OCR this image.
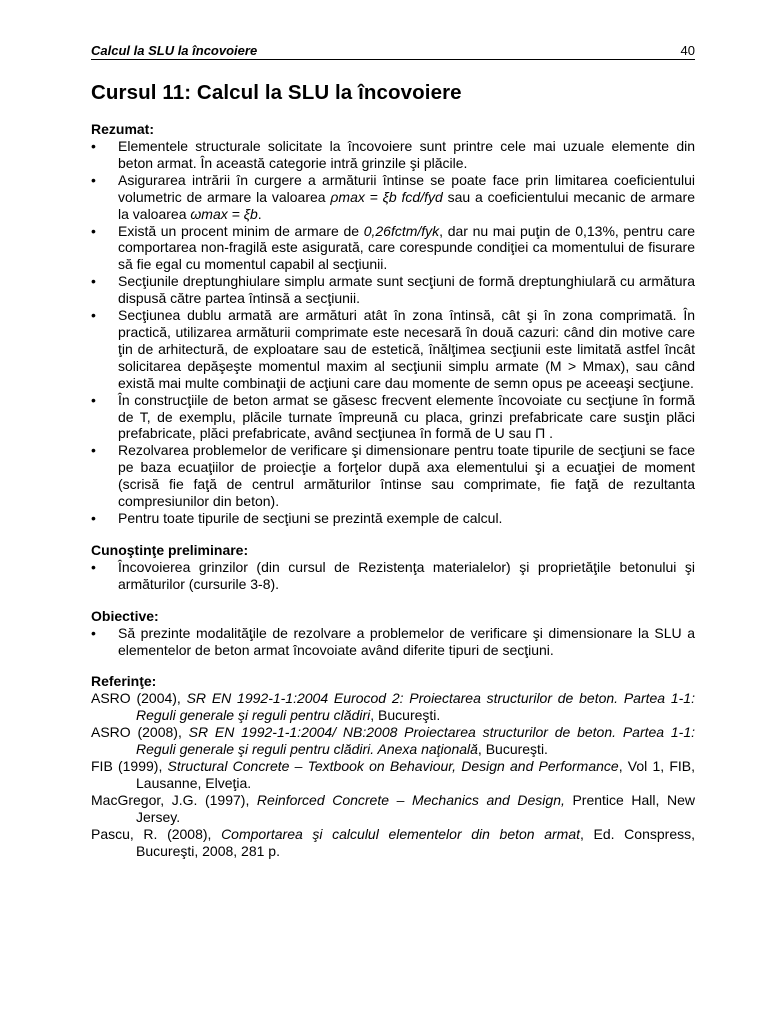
Calcul la SLU la încovoiere	40
Cursul 11: Calcul la SLU la încovoiere

Rezumat:

• Elementele structurale solicitate la încovoiere sunt printre cele mai uzuale elemente din beton armat. În această categorie intră grinzile şi plăcile.
• Asigurarea intrării în curgere a armăturii întinse se poate face prin limitarea coeficientului volumetric de armare la valoarea ρmax = ξb fcd/fyd sau a coeficientului mecanic de armare la valoarea ωmax = ξb.
• Există un procent minim de armare de 0,26fctm/fyk, dar nu mai puţin de 0,13%, pentru care comportarea non-fragilă este asigurată, care corespunde condiţiei ca momentului de fisurare să fie egal cu momentul capabil al secţiunii.
• Secţiunile dreptunghiulare simplu armate sunt secţiuni de formă dreptunghiulară cu armătura dispusă către partea întinsă a secţiunii.
• Secţiunea dublu armată are armături atât în zona întinsă, cât şi în zona comprimată. În practică, utilizarea armăturii comprimate este necesară în două cazuri: când din motive care ţin de arhitectură, de exploatare sau de estetică, înălţimea secţiunii este limitată astfel încât solicitarea depăşeşte momentul maxim al secţiunii simplu armate (M > Mmax), sau când există mai multe combinaţii de acţiuni care dau momente de semn opus pe aceeaşi secţiune.
• În construcţiile de beton armat se găsesc frecvent elemente încovoiate cu secţiune în formă de T, de exemplu, plăcile turnate împreună cu placa, grinzi prefabricate care susţin plăci prefabricate, plăci prefabricate, având secţiunea în formă de U sau Π .
• Rezolvarea problemelor de verificare şi dimensionare pentru toate tipurile de secţiuni se face pe baza ecuaţiilor de proiecţie a forţelor după axa elementului şi a ecuaţiei de moment (scrisă fie faţă de centrul armăturilor întinse sau comprimate, fie faţă de rezultanta compresiunilor din beton).
• Pentru toate tipurile de secţiuni se prezintă exemple de calcul.

Cunoştinţe preliminare:

• Încovoierea grinzilor (din cursul de Rezistenţa materialelor) şi proprietăţile betonului şi armăturilor (cursurile 3-8).

Obiective:

• Să prezinte modalităţile de rezolvare a problemelor de verificare şi dimensionare la SLU a elementelor de beton armat încovoiate având diferite tipuri de secţiuni.

Referinţe:

ASRO (2004), SR EN 1992-1-1:2004 Eurocod 2: Proiectarea structurilor de beton. Partea 1-1: Reguli generale şi reguli pentru clădiri, Bucureşti.

ASRO (2008), SR EN 1992-1-1:2004/ NB:2008 Proiectarea structurilor de beton. Partea 1-1: Reguli generale şi reguli pentru clădiri. Anexa naţională, Bucureşti.

FIB (1999), Structural Concrete – Textbook on Behaviour, Design and Performance, Vol 1, FIB, Lausanne, Elveţia.

MacGregor, J.G. (1997), Reinforced Concrete – Mechanics and Design, Prentice Hall, New Jersey.

Pascu, R. (2008), Comportarea şi calculul elementelor din beton armat, Ed. Conspress, Bucureşti, 2008, 281 p.
